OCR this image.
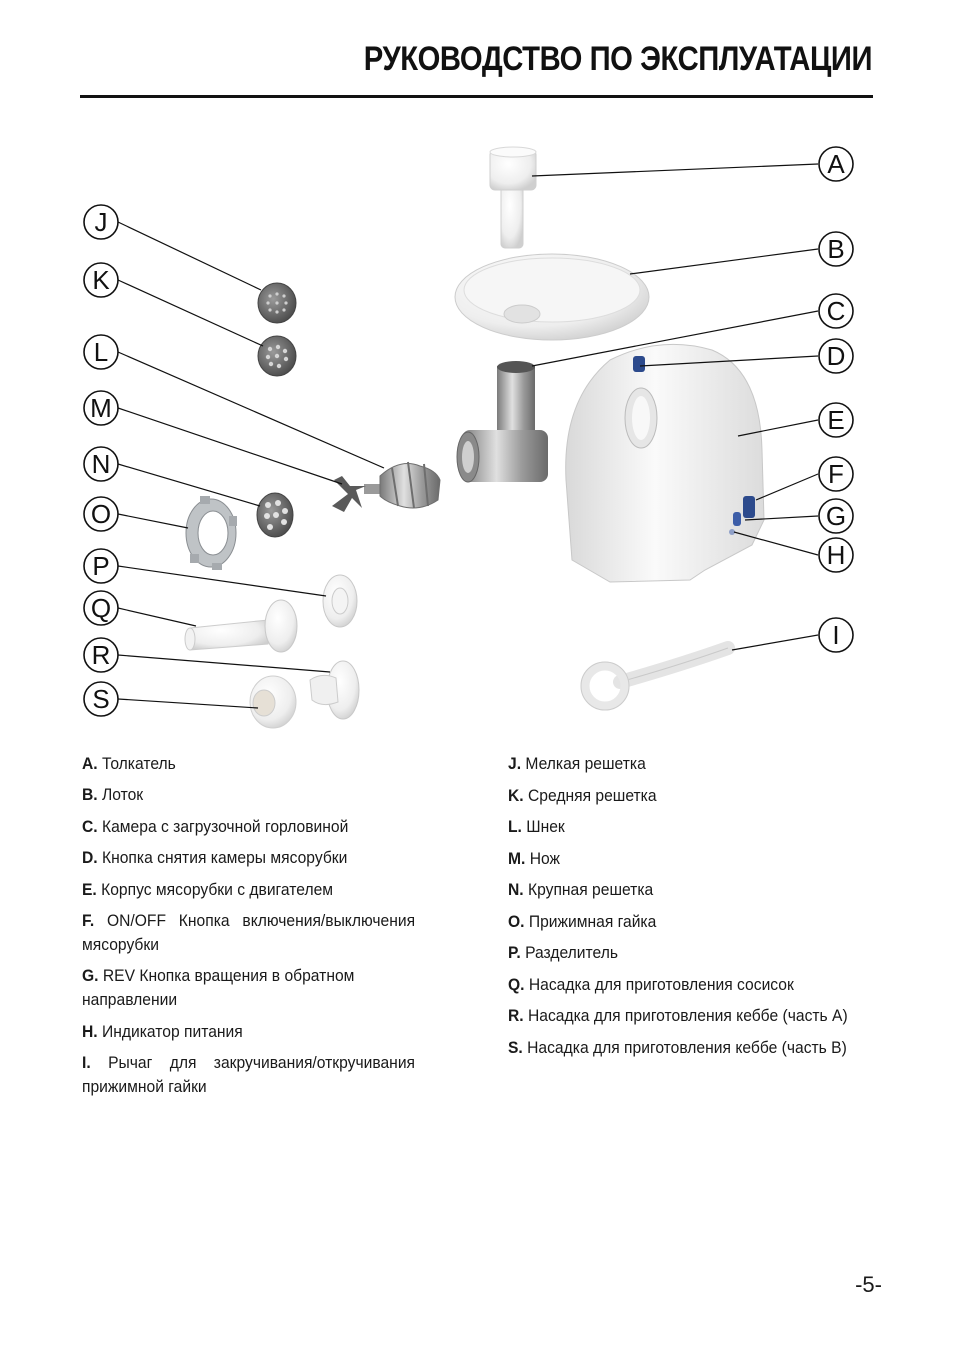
РУКОВОДСТВО ПО ЭКСПЛУАТАЦИИ
A
B
C
D
E
F
G
H
I
J
K
L
M
N
O
P
Q
R
S

A. Толкатель

B. Лоток

C. Камера с загрузочной горловиной

D. Кнопка снятия камеры мясорубки

E. Корпус мясорубки с двигателем

F. ON/OFF Кнопка включения/выключения мясорубки

G. REV Кнопка вращения в обратном направлении

H. Индикатор питания

I. Рычаг для закручивания/откручивания прижимной гайки

J. Мелкая решетка

K. Средняя решетка

L. Шнек

M. Нож

N. Крупная решетка

O. Прижимная гайка

P. Разделитель

Q. Насадка для приготовления сосисок

R. Насадка для приготовления кеббе (часть А)

S. Насадка для приготовления кеббе (часть В)

-5-
